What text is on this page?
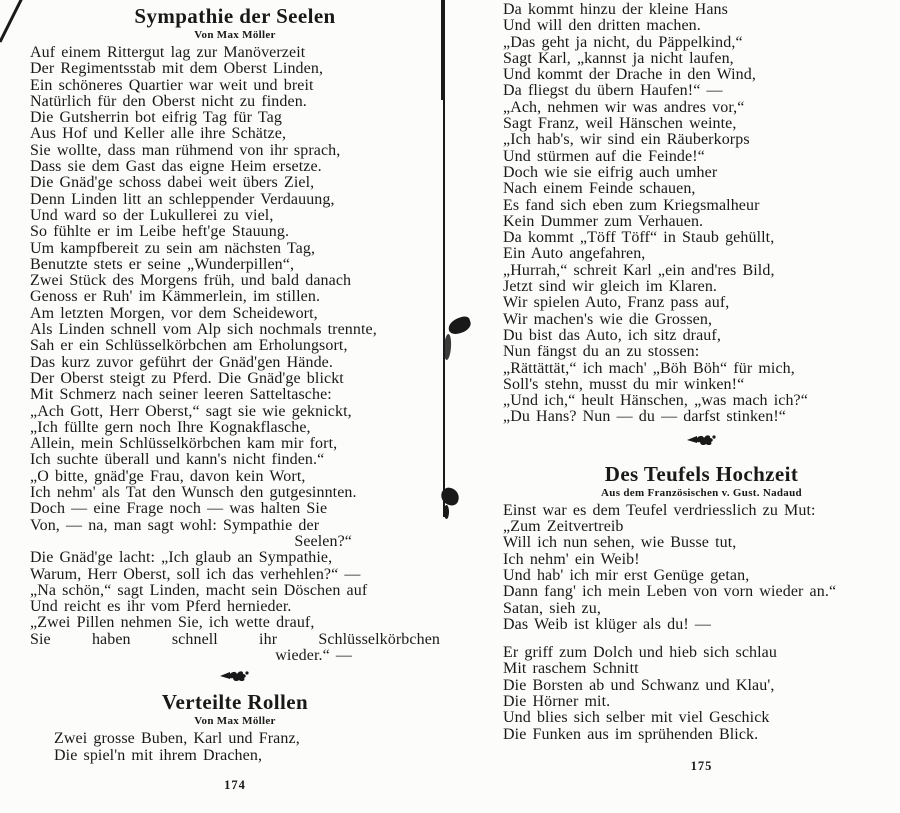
Sympathie der Seelen
Von Max Möller
Auf einem Rittergut lag zur Manöverzeit
Der Regimentsstab mit dem Oberst Linden,
Ein schöneres Quartier war weit und breit
Natürlich für den Oberst nicht zu finden.
Die Gutsherrin bot eifrig Tag für Tag
Aus Hof und Keller alle ihre Schätze,
Sie wollte, dass man rühmend von ihr sprach,
Dass sie dem Gast das eigne Heim ersetze.
Die Gnäd'ge schoss dabei weit übers Ziel,
Denn Linden litt an schleppender Verdauung,
Und ward so der Lukullerei zu viel,
So fühlte er im Leibe heft'ge Stauung.
Um kampfbereit zu sein am nächsten Tag,
Benutzte stets er seine „Wunderpillen“,
Zwei Stück des Morgens früh, und bald danach
Genoss er Ruh' im Kämmerlein, im stillen.
Am letzten Morgen, vor dem Scheidewort,
Als Linden schnell vom Alp sich nochmals trennte,
Sah er ein Schlüsselkörbchen am Erholungsort,
Das kurz zuvor geführt der Gnäd'gen Hände.
Der Oberst steigt zu Pferd. Die Gnäd'ge blickt
Mit Schmerz nach seiner leeren Satteltasche:
„Ach Gott, Herr Oberst,“ sagt sie wie geknickt,
„Ich füllte gern noch Ihre Kognakflasche,
Allein, mein Schlüsselkörbchen kam mir fort,
Ich suchte überall und kann's nicht finden.“
„O bitte, gnäd'ge Frau, davon kein Wort,
Ich nehm' als Tat den Wunsch den gutgesinnten.
Doch — eine Frage noch — was halten Sie
Von, — na, man sagt wohl: Sympathie der
Seelen?“
Die Gnäd'ge lacht: „Ich glaub an Sympathie,
Warum, Herr Oberst, soll ich das verhehlen?“ —
„Na schön,“ sagt Linden, macht sein Döschen auf
Und reicht es ihr vom Pferd hernieder.
„Zwei Pillen nehmen Sie, ich wette drauf,
Sie haben schnell ihr Schlüsselkörbchen
wieder.“ —
Verteilte Rollen
Von Max Möller
Zwei grosse Buben, Karl und Franz,
Die spiel'n mit ihrem Drachen,
174
Da kommt hinzu der kleine Hans
Und will den dritten machen.
„Das geht ja nicht, du Päppelkind,“
Sagt Karl, „kannst ja nicht laufen,
Und kommt der Drache in den Wind,
Da fliegst du übern Haufen!“ —
„Ach, nehmen wir was andres vor,“
Sagt Franz, weil Hänschen weinte,
„Ich hab's, wir sind ein Räuberkorps
Und stürmen auf die Feinde!“
Doch wie sie eifrig auch umher
Nach einem Feinde schauen,
Es fand sich eben zum Kriegsmalheur
Kein Dummer zum Verhauen.
Da kommt „Töff Töff“ in Staub gehüllt,
Ein Auto angefahren,
„Hurrah,“ schreit Karl „ein and'res Bild,
Jetzt sind wir gleich im Klaren.
Wir spielen Auto, Franz pass auf,
Wir machen's wie die Grossen,
Du bist das Auto, ich sitz drauf,
Nun fängst du an zu stossen:
„Rättättät,“ ich mach' „Böh Böh“ für mich,
Soll's stehn, musst du mir winken!“
„Und ich,“ heult Hänschen, „was mach ich?“
„Du Hans? Nun — du — darfst stinken!“
Des Teufels Hochzeit
Aus dem Französischen v. Gust. Nadaud
Einst war es dem Teufel verdriesslich zu Mut:
„Zum Zeitvertreib
Will ich nun sehen, wie Busse tut,
Ich nehm' ein Weib!
Und hab' ich mir erst Genüge getan,
Dann fang' ich mein Leben von vorn wieder an.“
Satan, sieh zu,
Das Weib ist klüger als du! —
Er griff zum Dolch und hieb sich schlau
Mit raschem Schnitt
Die Borsten ab und Schwanz und Klau',
Die Hörner mit.
Und blies sich selber mit viel Geschick
Die Funken aus im sprühenden Blick.
175
